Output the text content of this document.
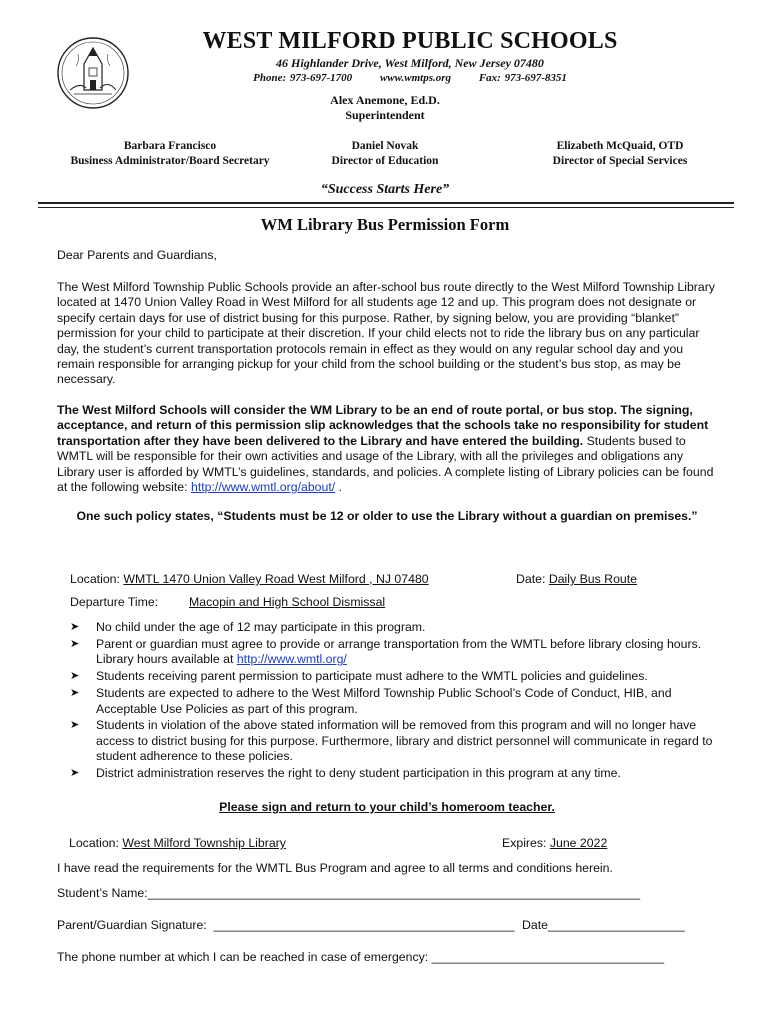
WEST MILFORD PUBLIC SCHOOLS
46 Highlander Drive, West Milford, New Jersey 07480
Phone: 973-697-1700	www.wmtps.org	Fax: 973-697-8351
Alex Anemone, Ed.D.
Superintendent
Barbara Francisco
Business Administrator/Board Secretary
Daniel Novak
Director of Education
Elizabeth McQuaid, OTD
Director of Special Services
“Success Starts Here”
WM Library Bus Permission Form
Dear Parents and Guardians,
The West Milford Township Public Schools provide an after-school bus route directly to the West Milford Township Library located at 1470 Union Valley Road in West Milford for all students age 12 and up. This program does not designate or specify certain days for use of district busing for this purpose. Rather, by signing below, you are providing “blanket” permission for your child to participate at their discretion. If your child elects not to ride the library bus on any particular day, the student’s current transportation protocols remain in effect as they would on any regular school day and you remain responsible for arranging pickup for your child from the school building or the student’s bus stop, as may be necessary.
The West Milford Schools will consider the WM Library to be an end of route portal, or bus stop. The signing, acceptance, and return of this permission slip acknowledges that the schools take no responsibility for student transportation after they have been delivered to the Library and have entered the building. Students bused to WMTL will be responsible for their own activities and usage of the Library, with all the privileges and obligations any Library user is afforded by WMTL’s guidelines, standards, and policies. A complete listing of Library policies can be found at the following website: http://www.wmtl.org/about/ .
One such policy states, “Students must be 12 or older to use the Library without a guardian on premises.”
Location: WMTL 1470 Union Valley Road West Milford , NJ 07480	Date: Daily Bus Route
Departure Time:	Macopin and High School Dismissal
➤ No child under the age of 12 may participate in this program.
➤ Parent or guardian must agree to provide or arrange transportation from the WMTL before library closing hours. Library hours available at http://www.wmtl.org/
➤ Students receiving parent permission to participate must adhere to the WMTL policies and guidelines.
➤ Students are expected to adhere to the West Milford Township Public School’s Code of Conduct, HIB, and Acceptable Use Policies as part of this program.
➤ Students in violation of the above stated information will be removed from this program and will no longer have access to district busing for this purpose. Furthermore, library and district personnel will communicate in regard to student adherence to these policies.
➤ District administration reserves the right to deny student participation in this program at any time.
Please sign and return to your child’s homeroom teacher.
Location: West Milford Township Library	Expires: June 2022
I have read the requirements for the WMTL Bus Program and agree to all terms and conditions herein.
Student’s Name:________________________________________________________________________
Parent/Guardian Signature: ____________________________________________ Date____________________
The phone number at which I can be reached in case of emergency: __________________________________
